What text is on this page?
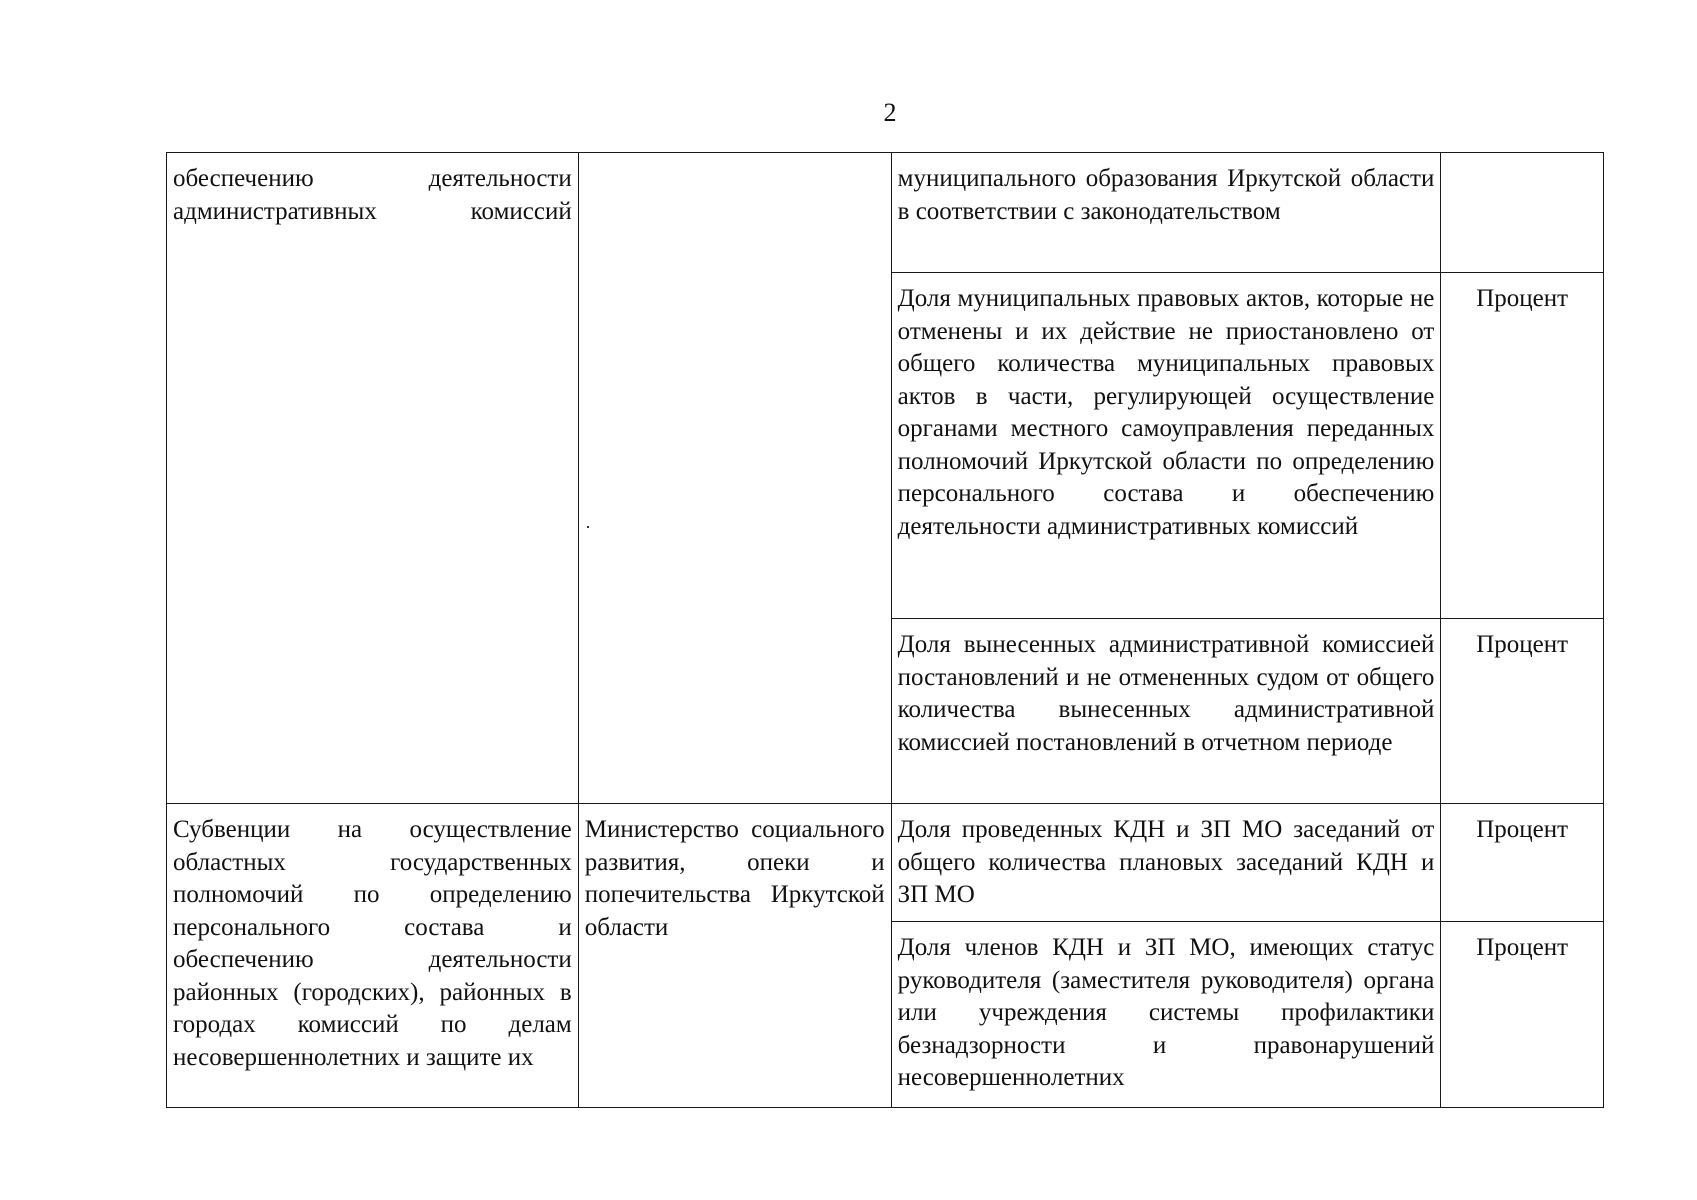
2
обеспечению деятельности административных комиссий		муниципального образования Иркутской области в соответствии с законодательством	
		Доля муниципальных правовых актов, которые не отменены и их действие не приостановлено от общего количества муниципальных правовых актов в части, регулирующей осуществление органами местного самоуправления переданных полномочий Иркутской области по определению персонального состава и обеспечению деятельности административных комиссий	Процент
		Доля вынесенных административной комиссией постановлений и не отмененных судом от общего количества вынесенных административной комиссией постановлений в отчетном периоде	Процент
Субвенции на осуществление областных государственных полномочий по определению персонального состава и обеспечению деятельности районных (городских), районных в городах комиссий по делам несовершеннолетних и защите их	Министерство социального развития, опеки и попечительства Иркутской области	Доля проведенных КДН и ЗП МО заседаний от общего количества плановых заседаний КДН и ЗП МО	Процент
		Доля членов КДН и ЗП МО, имеющих статус руководителя (заместителя руководителя) органа или учреждения системы профилактики безнадзорности и правонарушений несовершеннолетних	Процент
